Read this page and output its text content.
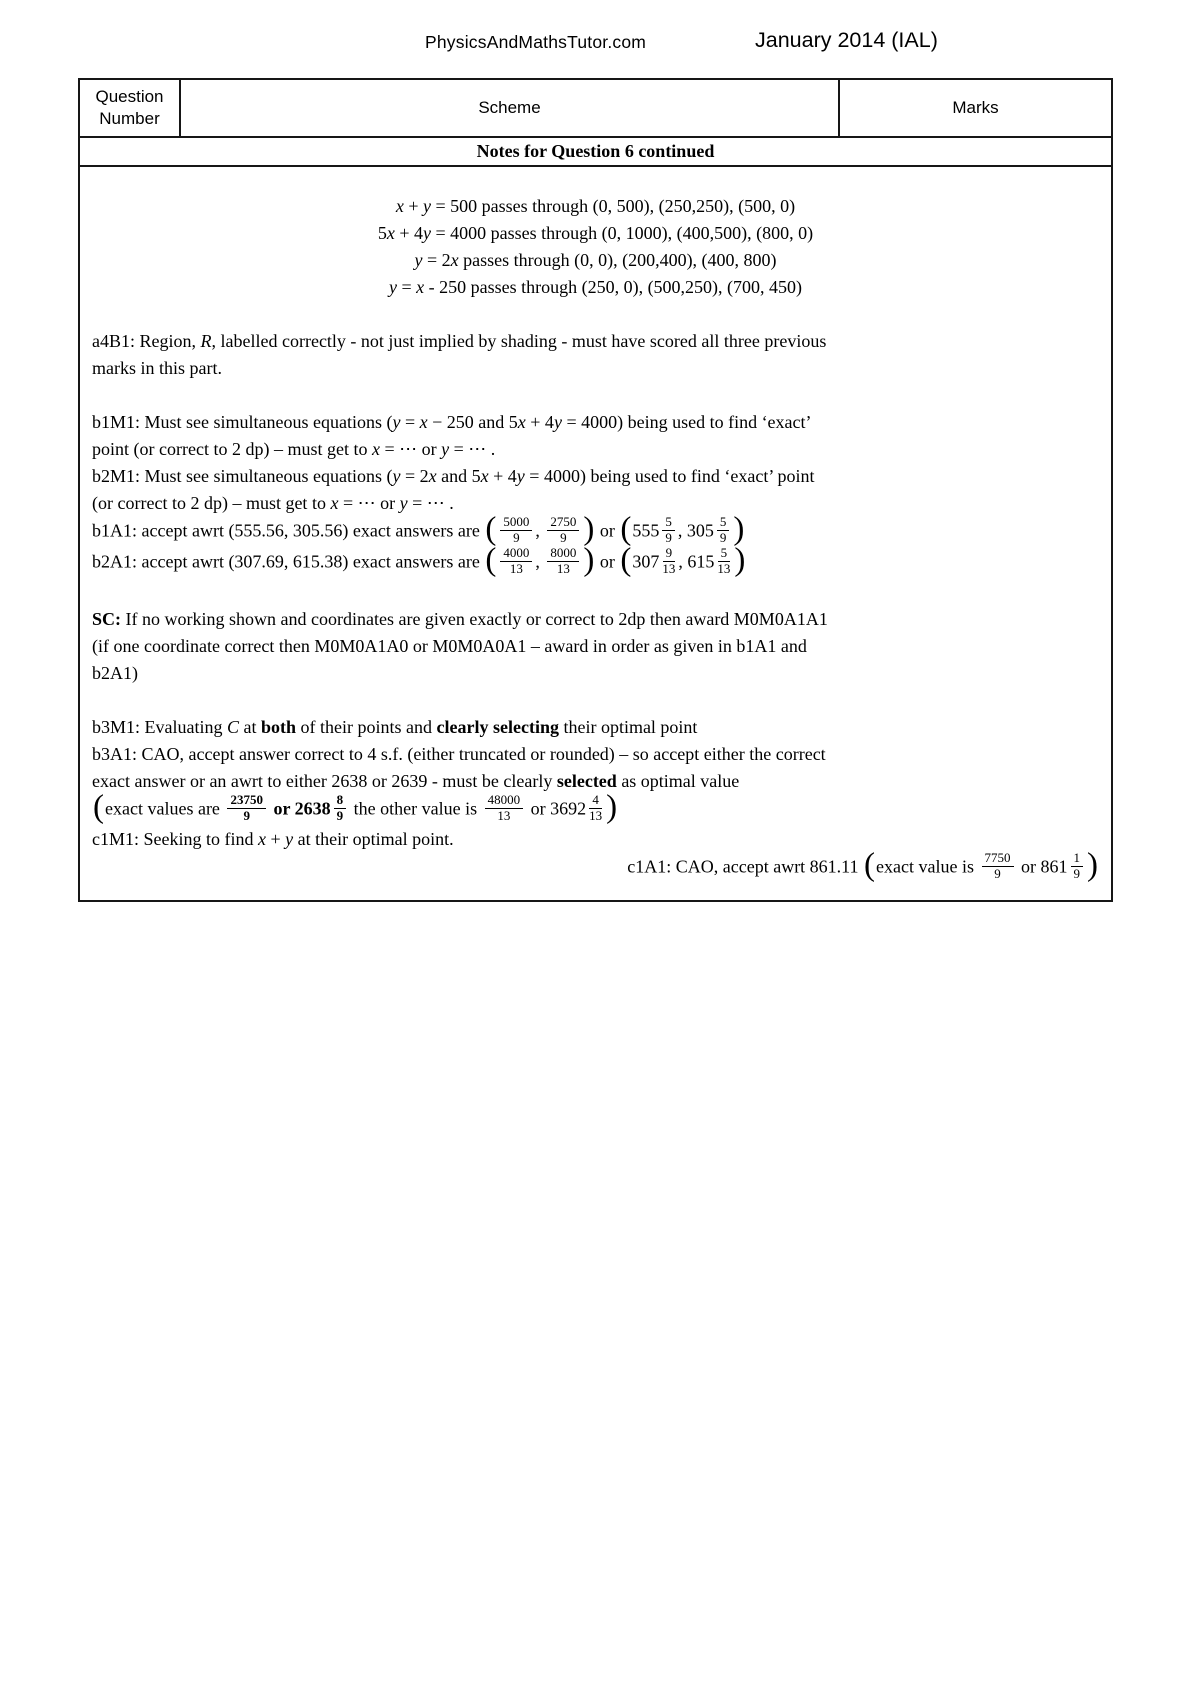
PhysicsAndMathsTutor.com	January 2014 (IAL)
Question Number
Scheme	Marks
Notes for Question 6 continued
x + y = 500 passes through (0, 500), (250,250), (500, 0)
5x + 4y = 4000 passes through (0, 1000), (400,500), (800, 0)
y = 2x passes through (0, 0), (200,400), (400, 800)
y = x - 250 passes through (250, 0), (500,250), (700, 450)
a4B1: Region, R, labelled correctly - not just implied by shading - must have scored all three previous
marks in this part.
b1M1: Must see simultaneous equations (y = x − 250 and 5x + 4y = 4000) being used to find ‘exact’
point (or correct to 2 dp) – must get to x = ⋯ or y = ⋯ .
b2M1: Must see simultaneous equations (y = 2x and 5x + 4y = 4000) being used to find ‘exact’ point
(or correct to 2 dp) – must get to x = ⋯ or y = ⋯ .
b1A1: accept awrt (555.56, 305.56) exact answers are ( $\frac{5000}{9}$ , $\frac{2750}{9}$ ) or ($555 \frac{5}{9}$ , $305 \frac{5}{9}$ )
b2A1: accept awrt (307.69, 615.38) exact answers are ( $\frac{4000}{13}$ , $\frac{8000}{13}$ ) or ($307 \frac{9}{13}$ , $615 \frac{5}{13}$ )
SC: If no working shown and coordinates are given exactly or correct to 2dp then award M0M0A1A1
(if one coordinate correct then M0M0A1A0 or M0M0A0A1 – award in order as given in b1A1 and
b2A1)
b3M1: Evaluating C at both of their points and clearly selecting their optimal point
b3A1: CAO, accept answer correct to 4 s.f. (either truncated or rounded) – so accept either the correct
exact answer or an awrt to either 2638 or 2639 - must be clearly selected as optimal value
(exact values are $\frac{23750}{9}$ or $2638 \frac{8}{9}$ the other value is $\frac{48000}{13}$ or $3692 \frac{4}{13}$ )
c1M1: Seeking to find x + y at their optimal point.
c1A1: CAO, accept awrt 861.11 (exact value is $\frac{7750}{9}$ or $861 \frac{1}{9}$ )
